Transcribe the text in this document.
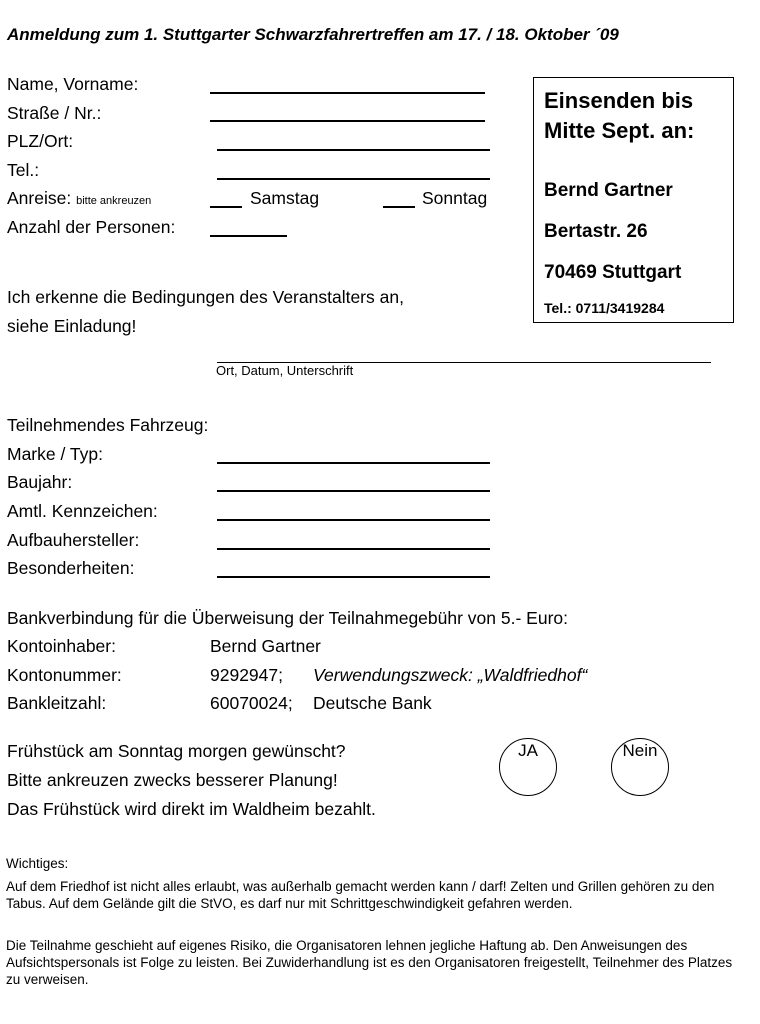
Anmeldung zum 1. Stuttgarter Schwarzfahrertreffen am 17. / 18. Oktober ´09
Name, Vorname:
Straße / Nr.:
PLZ/Ort:
Tel.:
Anreise: bitte ankreuzen	Samstag	Sonntag
Anzahl der Personen:
Einsenden bis
Mitte Sept. an:
Bernd Gartner
Bertastr. 26
70469 Stuttgart
Tel.: 0711/3419284
Ich erkenne die Bedingungen des Veranstalters an,
siehe Einladung!
Ort, Datum, Unterschrift
Teilnehmendes Fahrzeug:
Marke / Typ:
Baujahr:
Amtl. Kennzeichen:
Aufbauhersteller:
Besonderheiten:
Bankverbindung für die Überweisung der Teilnahmegebühr von 5.- Euro:
Kontoinhaber:	Bernd Gartner
Kontonummer:	9292947; Verwendungszweck: „Waldfriedhof“
Bankleitzahl:	60070024; Deutsche Bank
Frühstück am Sonntag morgen gewünscht?
Bitte ankreuzen zwecks besserer Planung!
Das Frühstück wird direkt im Waldheim bezahlt.
JA	Nein
Wichtiges:
Auf dem Friedhof ist nicht alles erlaubt, was außerhalb gemacht werden kann / darf! Zelten und Grillen gehören zu den Tabus. Auf dem Gelände gilt die StVO, es darf nur mit Schrittgeschwindigkeit gefahren werden.
Die Teilnahme geschieht auf eigenes Risiko, die Organisatoren lehnen jegliche Haftung ab. Den Anweisungen des Aufsichtspersonals ist Folge zu leisten. Bei Zuwiderhandlung ist es den Organisatoren freigestellt, Teilnehmer des Platzes zu verweisen.
